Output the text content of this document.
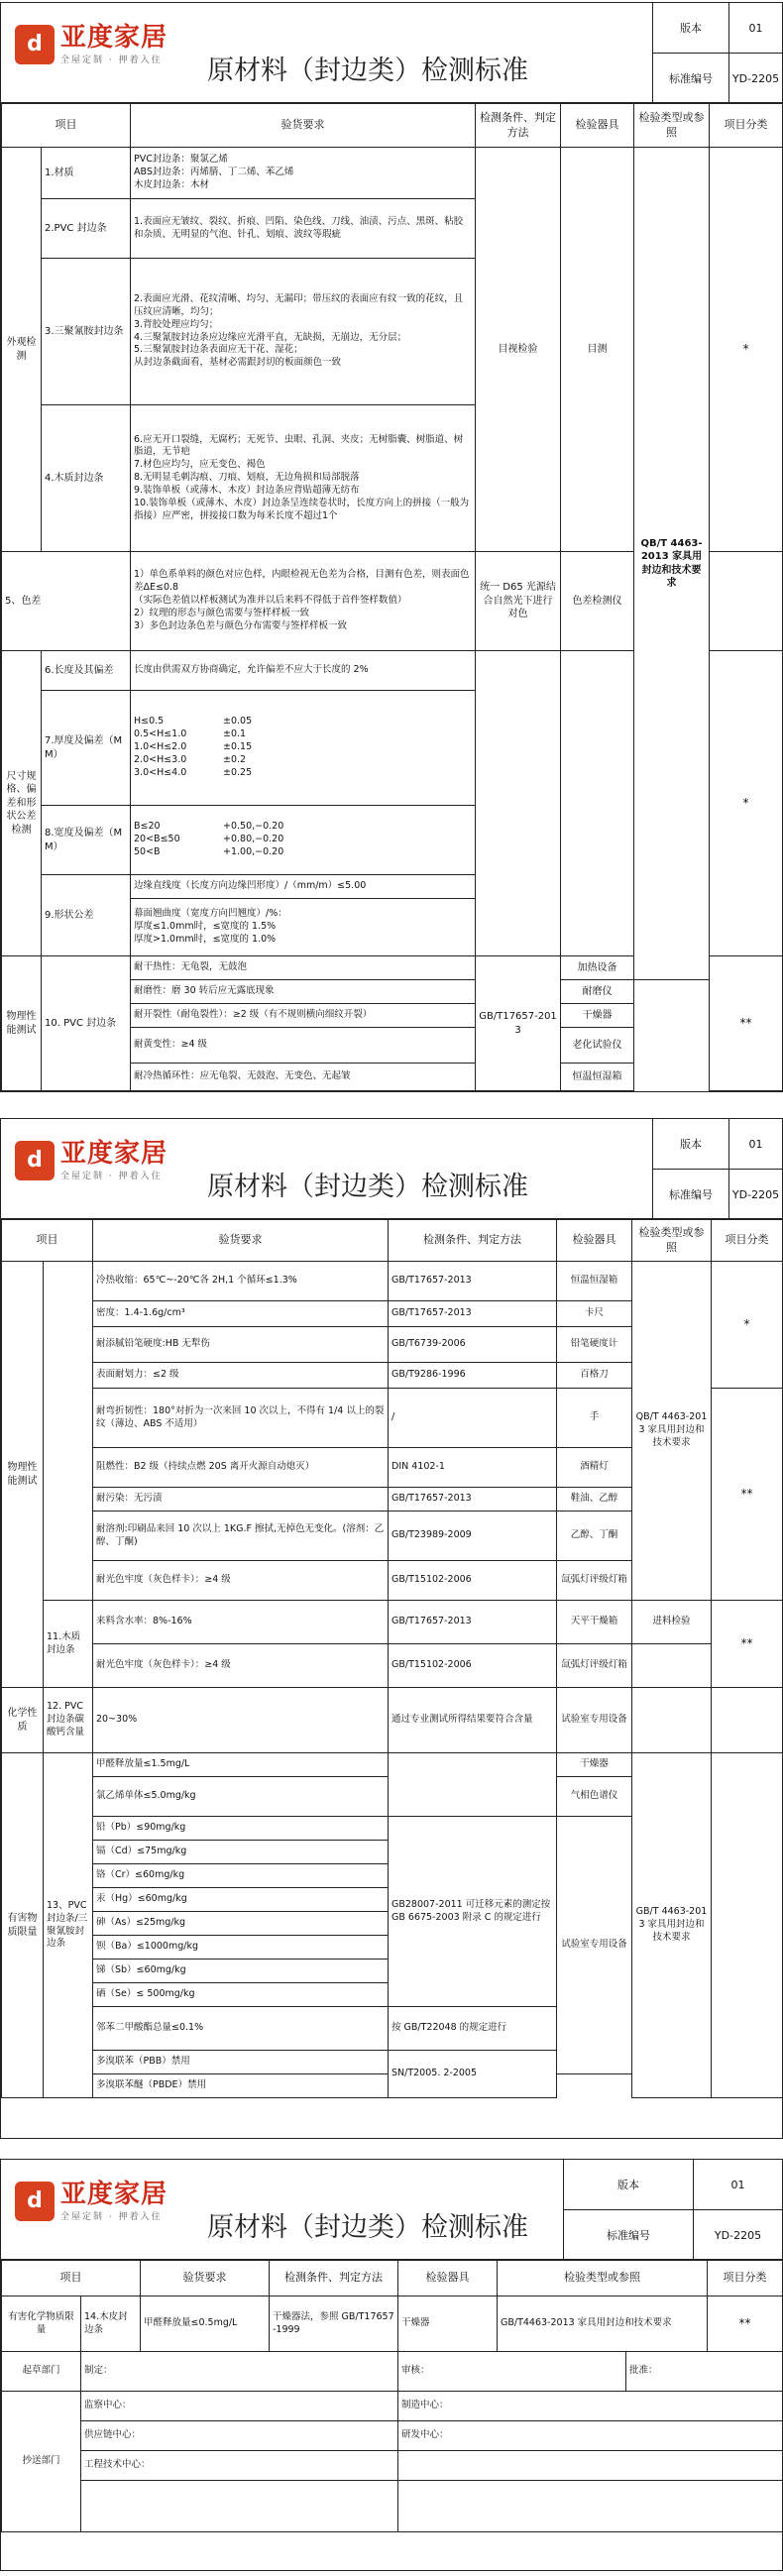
d 亚度家居
全屋定制 · 押着入住 原材料（封边类）检测标准
版本	01
标准编号	YD-2205
项目		验货要求	检测条件、判定方法	检验器具	检验类型或参照	项目分类
外观检测	1.材质	PVC封边条：聚氯乙烯
ABS封边条：丙烯腈、丁二烯、苯乙烯
木皮封边条：木材	目视检验	目测	QB/T 4463-2013 家具用封边和技术要求	*
	2.PVC 封边条	1.表面应无皱纹、裂纹、折痕、凹陷、染色线、刀线、油渍、污点、黑斑、粘胶和杂质、无明显的气泡、针孔、划痕、波纹等瑕疵				
	3.三聚氰胺封边条	2.表面应光滑、花纹清晰、均匀、无漏印；带压纹的表面应有纹一致的花纹，且压纹应清晰，均匀；
3.背胶处理应均匀；
4.三聚氰胺封边条应边缘应光滑平直，无缺损，无崩边，无分层；
5.三聚氰胺封边条表面应无干花、湿花；
从封边条截面看，基材必需跟封切的板面颜色一致				
	4.木质封边条	6.应无开口裂缝，无腐朽；无死节、虫眼、孔洞、夹皮；无树脂囊、树脂道、树脂道，无节疤
7.材色应均匀，应无变色、褐色
8.无明显毛刺沟痕、刀痕、划痕，无边角损和局部脱落
9.装饰单板（或薄木、木皮）封边条应背贴超薄无纺布
10.装饰单板（或薄木、木皮）封边条呈连续卷状时，长度方向上的拼接（一般为指接）应严密，拼接接口数为每米长度不超过1个				
5、色差		1）单色系单料的颜色对应色样，内眼检视无色差为合格，目测有色差，则表面色差ΔE≤0.8
（实际色差值以样板测试为准并以后来料不得低于首件签样数值）
2）纹理的形态与颜色需要与签样样板一致
3）多色封边条色差与颜色分布需要与签样样板一致	统一 D65 光源结合自然光下进行对色	色差检测仪		
尺寸规格、偏差和形状公差检测	6.长度及其偏差	长度由供需双方协商确定，允许偏差不应大于长度的 2%				*
	7.厚度及偏差（MM）	H≤0.5 ±0.05
0.5<H≤1.0 ±0.1
1.0<H≤2.0 ±0.15
2.0<H≤3.0 ±0.2
3.0<H≤4.0 ±0.25				

	8.宽度及偏差（MM）	B≤20 +0.50,−0.20
20<B≤50 +0.80,−0.20
50<B +1.00,−0.20				

	9.形状公差	边缘直线度（长度方向边缘凹形度）/（mm/m）≤5.00				
		幕面翘曲度（宽度方向凹翘度）/%：
厚度≤1.0mm时，≤宽度的 1.5%
厚度>1.0mm时，≤宽度的 1.0%				
物理性能测试	10. PVC 封边条	耐干热性：无龟裂，无鼓泡	GB/T17657-2013	加热设备		**
		耐磨性：磨 30 转后应无露底现象		耐磨仪		
		耐开裂性（耐龟裂性）：≥2 级（有不规则横向细纹开裂）		干燥器		
		耐黄变性：≥4 级		老化试验仪		
		耐冷热循环性：应无龟裂、无鼓泡、无变色、无起皱		恒温恒湿箱		
d 亚度家居
全屋定制 · 押着入住 原材料（封边类）检测标准
版本	01
标准编号	YD-2205
项目		验货要求	检测条件、判定方法	检验器具	检验类型或参照	项目分类
物理性能测试		冷热收缩：65℃~-20℃各 2H,1 个循环≤1.3%	GB/T17657-2013	恒温恒湿箱	QB/T 4463-2013 家具用封边和技术要求	*
		密度：1.4-1.6g/cm³	GB/T17657-2013	卡尺		
		耐添腻铅笔硬度:HB 无犁伤	GB/T6739-2006	铅笔硬度计		
		表面耐划力：≤2 级	GB/T9286-1996	百格刀		
		耐弯折韧性：180°对折为一次来回 10 次以上，不得有 1/4 以上的裂纹（薄边、ABS 不适用）	/	手		**
		阻燃性：B2 级（持续点燃 20S 离开火源自动熄灭）	DIN 4102-1	酒精灯		
		耐污染：无污渍	GB/T17657-2013	鞋油、乙醇		
		耐溶剂:印刷品来回 10 次以上 1KG.F 擦拭,无掉色无变化。(溶剂：乙醇、丁酮)	GB/T23989-2009	乙醇、丁酮		
		耐光色牢度（灰色样卡）：≥4 级	GB/T15102-2006	氙弧灯评级灯箱		
	11.木质封边条	来料含水率：8%-16%	GB/T17657-2013	天平干燥箱	进料检验	**
		耐光色牢度（灰色样卡）：≥4 级	GB/T15102-2006	氙弧灯评级灯箱		
化学性质	12. PVC 封边条碳酸钙含量	20~30%	通过专业测试所得结果要符合含量	试验室专用设备		
有害物质限量	13、PVC 封边条/三聚氰胺封边条	甲醛释放量≤1.5mg/L		干燥器	GB/T 4463-2013 家具用封边和技术要求	
		氯乙烯单体≤5.0mg/kg		气相色谱仪		
		铅（Pb）≤90mg/kg	GB28007-2011 可迁移元素的测定按 GB 6675-2003 附录 C 的规定进行	试验室专用设备		
		镉（Cd）≤75mg/kg				
		铬（Cr）≤60mg/kg				
		汞（Hg）≤60mg/kg				
		砷（As）≤25mg/kg				
		钡（Ba）≤1000mg/kg				
		锑（Sb）≤60mg/kg				
		硒（Se）≤ 500mg/kg				
		邻苯二甲酸酯总量≤0.1%	按 GB/T22048 的规定进行			
		多溴联苯（PBB）禁用	SN/T2005. 2-2005			
		多溴联苯醚（PBDE）禁用				
d 亚度家居
全屋定制 · 押着入住 原材料（封边类）检测标准
版本	01
标准编号	YD-2205
项目		验货要求	检测条件、判定方法	检验器具	检验类型或参照		项目分类
有害化学物质限量	14.木皮封边条	甲醛释放量≤0.5mg/L	干燥器法，参照 GB/T17657-1999	干燥器	GB/T4463-2013 家具用封边和技术要求		**
起草部门	制定：			审核：		批准：	
抄送部门	监察中心：			制造中心：			
	供应链中心：			研发中心：			
	工程技术中心：						
